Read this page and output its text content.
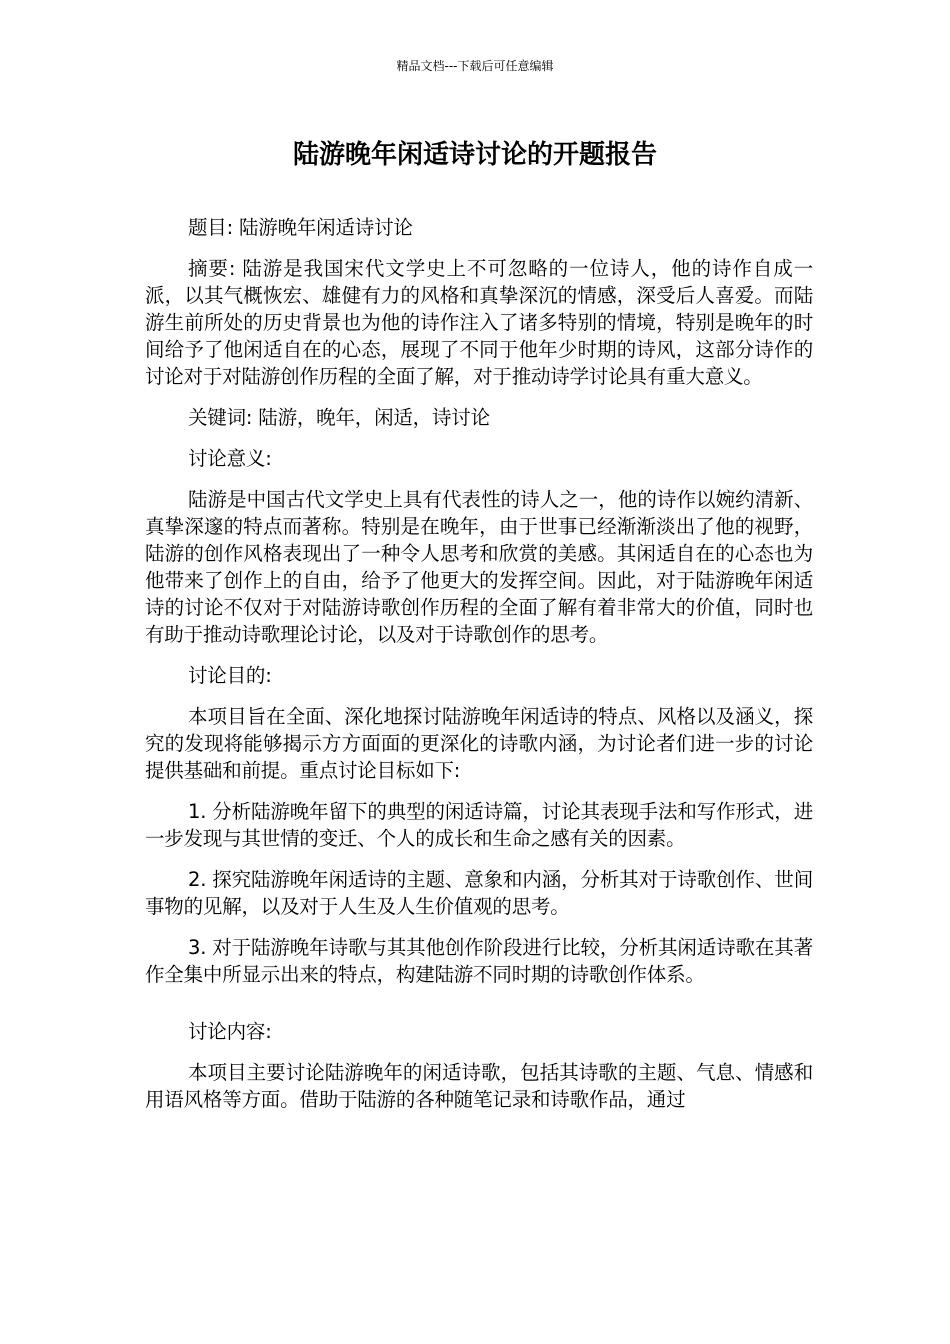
精品文档---下载后可任意编辑
陆游晚年闲适诗讨论的开题报告

题目: 陆游晚年闲适诗讨论

摘要: 陆游是我国宋代文学史上不可忽略的一位诗人，他的诗作自成一派，以其气概恢宏、雄健有力的风格和真挚深沉的情感，深受后人喜爱。而陆游生前所处的历史背景也为他的诗作注入了诸多特别的情境，特别是晚年的时间给予了他闲适自在的心态，展现了不同于他年少时期的诗风，这部分诗作的讨论对于对陆游创作历程的全面了解，对于推动诗学讨论具有重大意义。

关键词: 陆游，晚年，闲适，诗讨论

讨论意义:

陆游是中国古代文学史上具有代表性的诗人之一，他的诗作以婉约清新、真挚深邃的特点而著称。特别是在晚年，由于世事已经渐渐淡出了他的视野，陆游的创作风格表现出了一种令人思考和欣赏的美感。其闲适自在的心态也为他带来了创作上的自由，给予了他更大的发挥空间。因此，对于陆游晚年闲适诗的讨论不仅对于对陆游诗歌创作历程的全面了解有着非常大的价值，同时也有助于推动诗歌理论讨论，以及对于诗歌创作的思考。

讨论目的:

本项目旨在全面、深化地探讨陆游晚年闲适诗的特点、风格以及涵义，探究的发现将能够揭示方方面面的更深化的诗歌内涵，为讨论者们进一步的讨论提供基础和前提。重点讨论目标如下:

1. 分析陆游晚年留下的典型的闲适诗篇，讨论其表现手法和写作形式，进一步发现与其世情的变迁、个人的成长和生命之感有关的因素。

2. 探究陆游晚年闲适诗的主题、意象和内涵，分析其对于诗歌创作、世间事物的见解，以及对于人生及人生价值观的思考。

3. 对于陆游晚年诗歌与其其他创作阶段进行比较，分析其闲适诗歌在其著作全集中所显示出来的特点，构建陆游不同时期的诗歌创作体系。

讨论内容:

本项目主要讨论陆游晚年的闲适诗歌，包括其诗歌的主题、气息、情感和用语风格等方面。借助于陆游的各种随笔记录和诗歌作品，通过
